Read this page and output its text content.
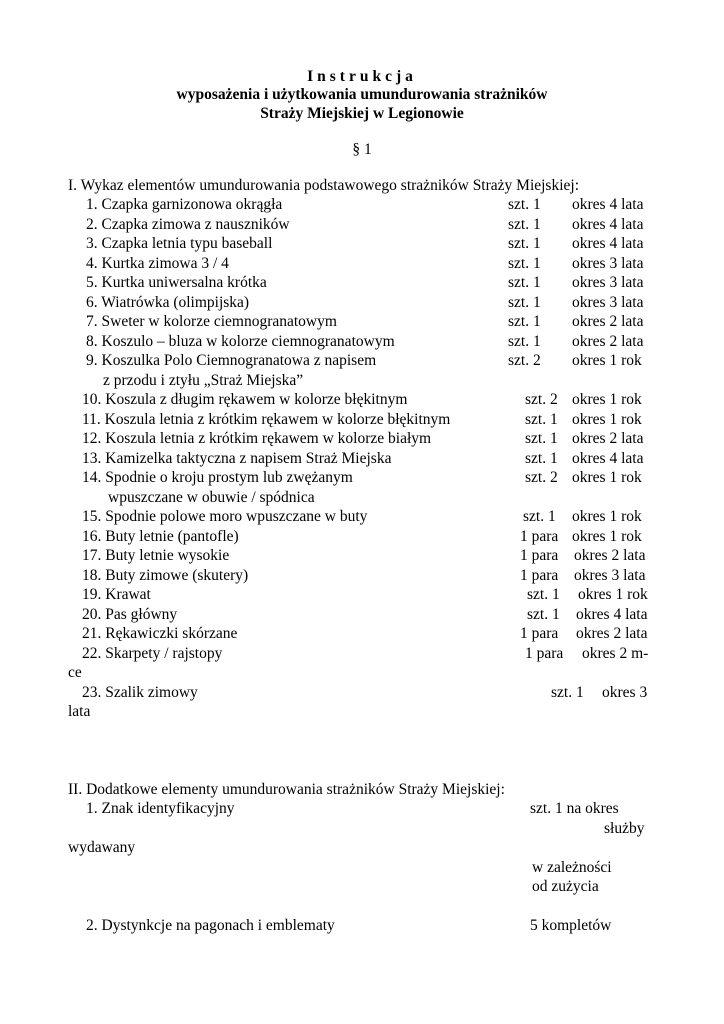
Instrukcja
wyposażenia i użytkowania umundurowania strażników
Straży Miejskiej w Legionowie
§ 1
I. Wykaz elementów umundurowania podstawowego strażników Straży Miejskiej:
1. Czapka garnizonowa okrągła	szt. 1 okres 4 lata
2. Czapka zimowa z nauszników	szt. 1 okres 4 lata
3. Czapka letnia typu baseball	szt. 1 okres 4 lata
4. Kurtka zimowa 3 / 4	szt. 1 okres 3 lata
5. Kurtka uniwersalna krótka	szt. 1 okres 3 lata
6. Wiatrówka (olimpijska)	szt. 1 okres 3 lata
7. Sweter w kolorze ciemnogranatowym	szt. 1 okres 2 lata
8. Koszulo – bluza w kolorze ciemnogranatowym	szt. 1 okres 2 lata
9. Koszulka Polo Ciemnogranatowa z napisem	szt. 2 okres 1 rok
z przodu i ztyłu „Straż Miejska”
10. Koszula z długim rękawem w kolorze błękitnym	szt. 2 okres 1 rok
11. Koszula letnia z krótkim rękawem w kolorze błękitnym	szt. 1 okres 1 rok
12. Koszula letnia z krótkim rękawem w kolorze białym	szt. 1 okres 2 lata
13. Kamizelka taktyczna z napisem Straż Miejska	szt. 1 okres 4 lata
14. Spodnie o kroju prostym lub zwężanym	szt. 2 okres 1 rok
wpuszczane w obuwie / spódnica
15. Spodnie polowe moro wpuszczane w buty	szt. 1 okres 1 rok
16. Buty letnie (pantofle)	1 para okres 1 rok
17. Buty letnie wysokie	1 para okres 2 lata
18. Buty zimowe (skutery)	1 para okres 3 lata
19. Krawat	szt. 1 okres 1 rok
20. Pas główny	szt. 1 okres 4 lata
21. Rękawiczki skórzane	1 para okres 2 lata
22. Skarpety / rajstopy	1 para okres 2 m-
ce
23. Szalik zimowy	szt. 1 okres 3
lata
II. Dodatkowe elementy umundurowania strażników Straży Miejskiej:
1. Znak identyfikacyjny	szt. 1 na okres
służby
wydawany
w zależności
od zużycia
2. Dystynkcje na pagonach i emblematy	5 kompletów
